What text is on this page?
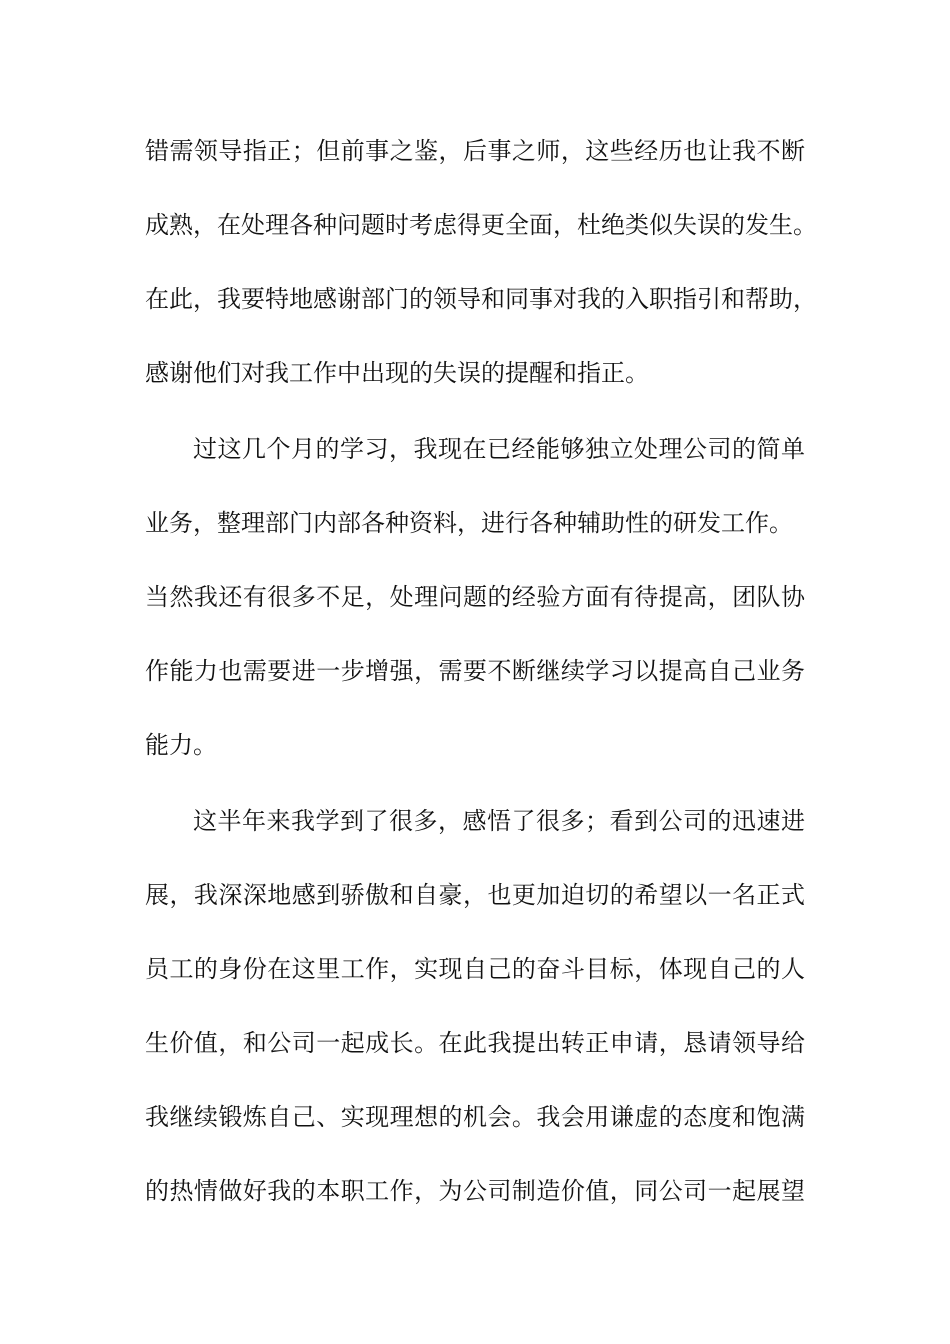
错需领导指正；但前事之鉴，后事之师，这些经历也让我不断
成熟，在处理各种问题时考虑得更全面，杜绝类似失误的发生。
在此，我要特地感谢部门的领导和同事对我的入职指引和帮助，
感谢他们对我工作中出现的失误的提醒和指正。
过这几个月的学习，我现在已经能够独立处理公司的简单
业务，整理部门内部各种资料，进行各种辅助性的研发工作。
当然我还有很多不足，处理问题的经验方面有待提高，团队协
作能力也需要进一步增强，需要不断继续学习以提高自己业务
能力。
这半年来我学到了很多，感悟了很多；看到公司的迅速进
展，我深深地感到骄傲和自豪，也更加迫切的希望以一名正式
员工的身份在这里工作，实现自己的奋斗目标，体现自己的人
生价值，和公司一起成长。在此我提出转正申请，恳请领导给
我继续锻炼自己、实现理想的机会。我会用谦虚的态度和饱满
的热情做好我的本职工作，为公司制造价值，同公司一起展望
